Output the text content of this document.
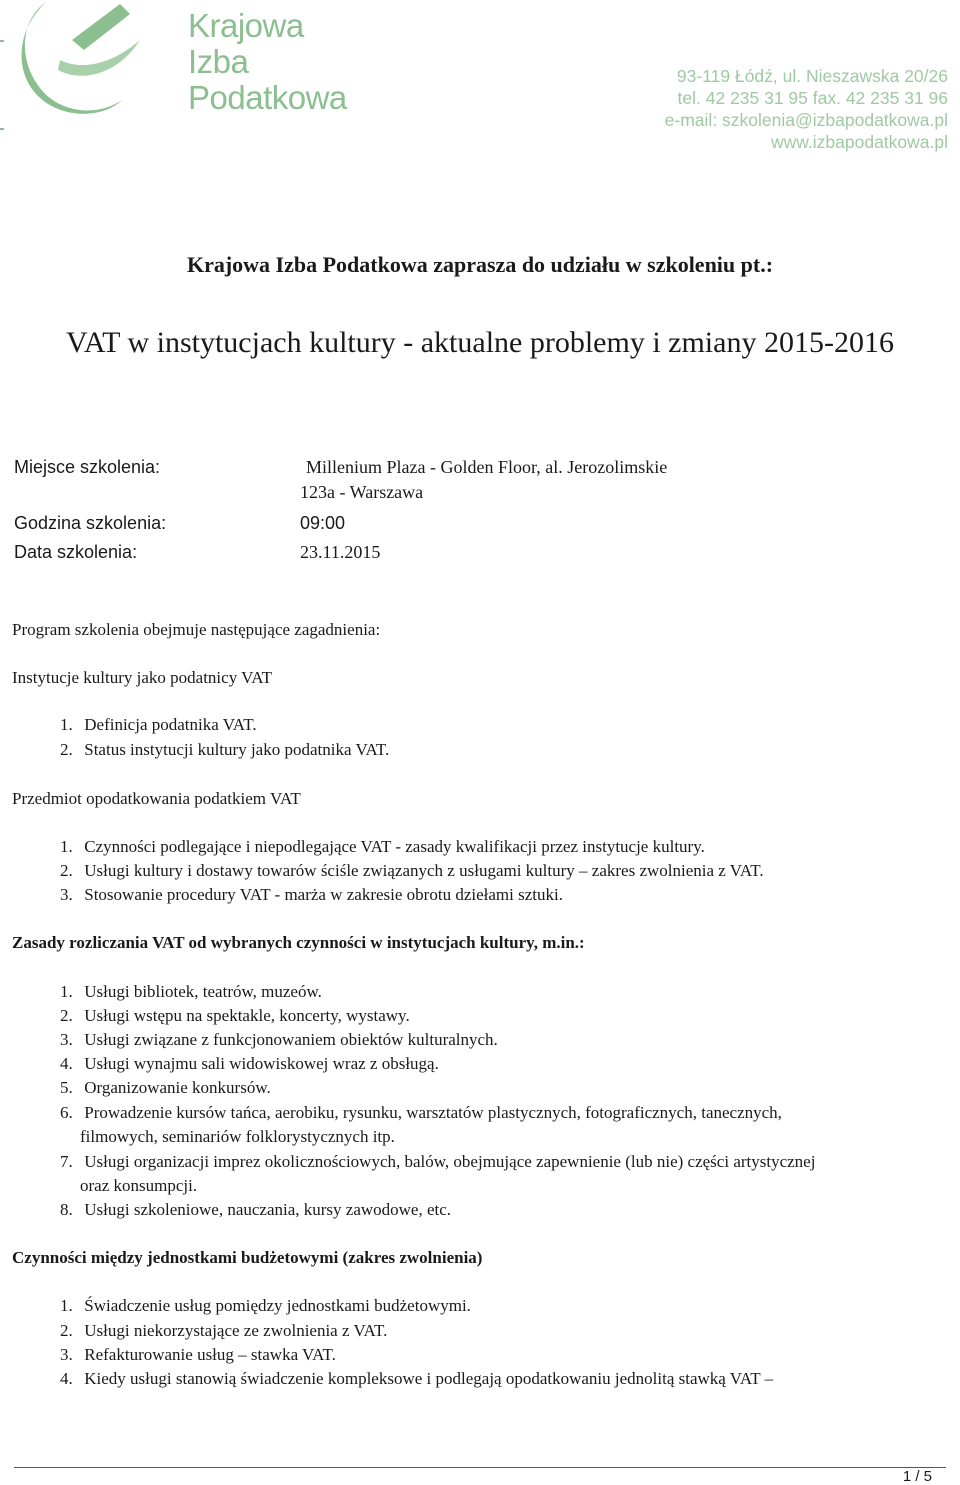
Krajowa
Izba
Podatkowa
93-119 Łódź, ul. Nieszawska 20/26
tel. 42 235 31 95 fax. 42 235 31 96
e-mail: szkolenia@izbapodatkowa.pl
www.izbapodatkowa.pl
Krajowa Izba Podatkowa zaprasza do udziału w szkoleniu pt.:
VAT w instytucjach kultury - aktualne problemy i zmiany 2015-2016
Miejsce szkolenia:	Millenium Plaza - Golden Floor, al. Jerozolimskie
123a - Warszawa
Godzina szkolenia:	09:00
Data szkolenia:	23.11.2015
Program szkolenia obejmuje następujące zagadnienia:
Instytucje kultury jako podatnicy VAT
1. Definicja podatnika VAT.
2. Status instytucji kultury jako podatnika VAT.
Przedmiot opodatkowania podatkiem VAT
1. Czynności podlegające i niepodlegające VAT - zasady kwalifikacji przez instytucje kultury.
2. Usługi kultury i dostawy towarów ściśle związanych z usługami kultury – zakres zwolnienia z VAT.
3. Stosowanie procedury VAT - marża w zakresie obrotu dziełami sztuki.
Zasady rozliczania VAT od wybranych czynności w instytucjach kultury, m.in.:
1. Usługi bibliotek, teatrów, muzeów.
2. Usługi wstępu na spektakle, koncerty, wystawy.
3. Usługi związane z funkcjonowaniem obiektów kulturalnych.
4. Usługi wynajmu sali widowiskowej wraz z obsługą.
5. Organizowanie konkursów.
6. Prowadzenie kursów tańca, aerobiku, rysunku, warsztatów plastycznych, fotograficznych, tanecznych,
filmowych, seminariów folklorystycznych itp.
7. Usługi organizacji imprez okolicznościowych, balów, obejmujące zapewnienie (lub nie) części artystycznej
oraz konsumpcji.
8. Usługi szkoleniowe, nauczania, kursy zawodowe, etc.
Czynności między jednostkami budżetowymi (zakres zwolnienia)
1. Świadczenie usług pomiędzy jednostkami budżetowymi.
2. Usługi niekorzystające ze zwolnienia z VAT.
3. Refakturowanie usług – stawka VAT.
4. Kiedy usługi stanowią świadczenie kompleksowe i podlegają opodatkowaniu jednolitą stawką VAT –
1 / 5
